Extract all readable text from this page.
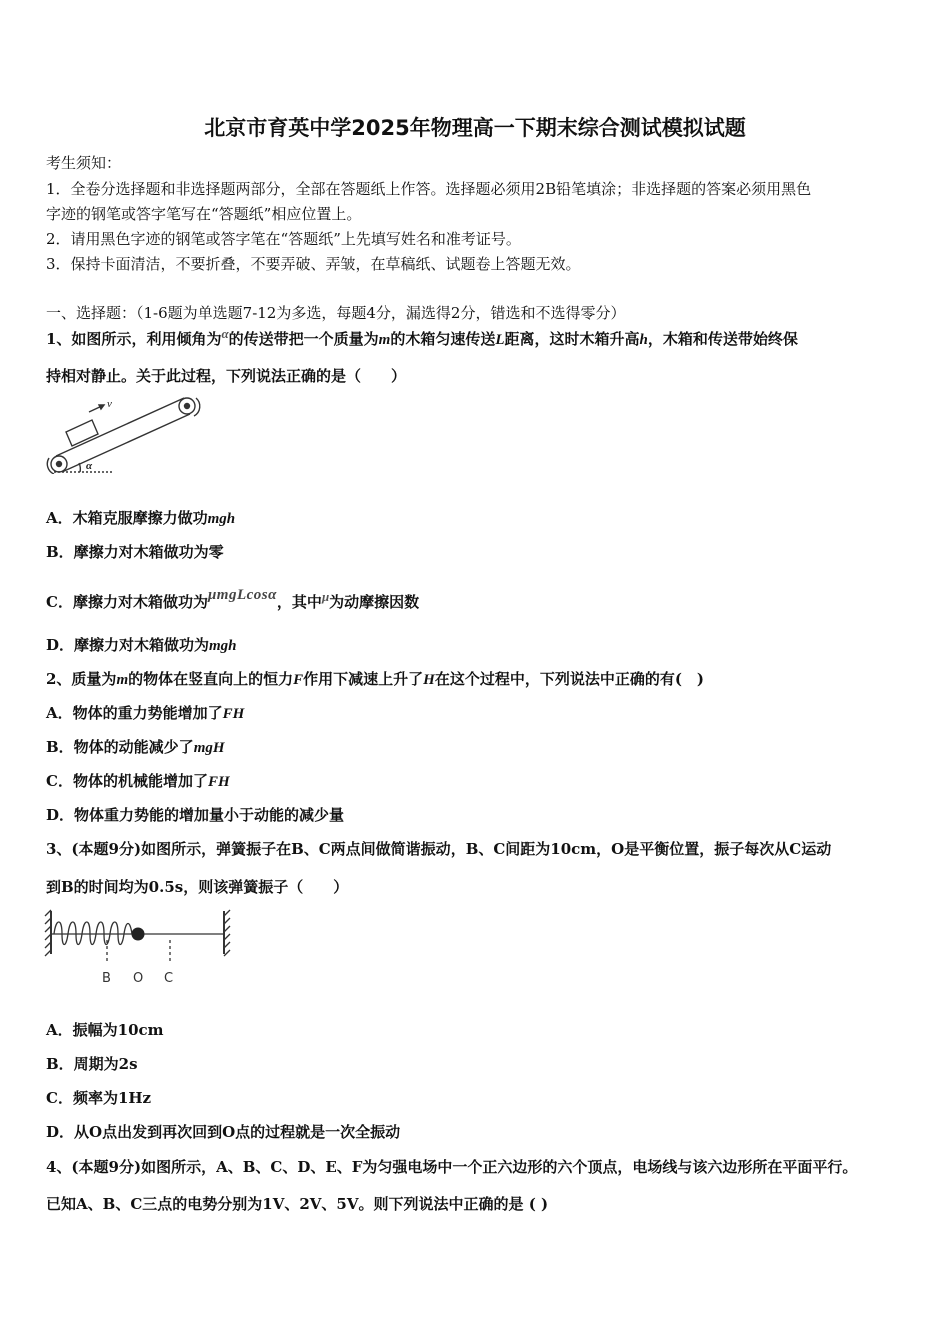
北京市育英中学2025年物理高一下期末综合测试模拟试题
考生须知：
1．全卷分选择题和非选择题两部分，全部在答题纸上作答。选择题必须用2B铅笔填涂；非选择题的答案必须用黑色
字迹的钢笔或答字笔写在“答题纸”相应位置上。
2．请用黑色字迹的钢笔或答字笔在“答题纸”上先填写姓名和准考证号。
3．保持卡面清洁，不要折叠，不要弄破、弄皱，在草稿纸、试题卷上答题无效。
一、选择题：（1-6题为单选题7-12为多选，每题4分，漏选得2分，错选和不选得零分）
1、如图所示，利用倾角为α的传送带把一个质量为m的木箱匀速传送L距离，这时木箱升高h，木箱和传送带始终保
持相对静止。关于此过程，下列说法正确的是（　　）
v
α
A．木箱克服摩擦力做功mgh
B．摩擦力对木箱做功为零
C．摩擦力对木箱做功为μmgLcosα，其中μ为动摩擦因数
D．摩擦力对木箱做功为mgh
2、质量为m的物体在竖直向上的恒力F作用下减速上升了H在这个过程中，下列说法中正确的有(　)
A．物体的重力势能增加了FH
B．物体的动能减少了mgH
C．物体的机械能增加了FH
D．物体重力势能的增加量小于动能的减少量
3、(本题9分)如图所示，弹簧振子在B、C两点间做简谐振动，B、C间距为10cm，O是平衡位置，振子每次从C运动
到B的时间均为0.5s，则该弹簧振子（　　）
B O C
A．振幅为10cm
B．周期为2s
C．频率为1Hz
D．从O点出发到再次回到O点的过程就是一次全振动
4、(本题9分)如图所示，A、B、C、D、E、F为匀强电场中一个正六边形的六个顶点，电场线与该六边形所在平面平行。
已知A、B、C三点的电势分别为1V、2V、5V。则下列说法中正确的是 ( )
